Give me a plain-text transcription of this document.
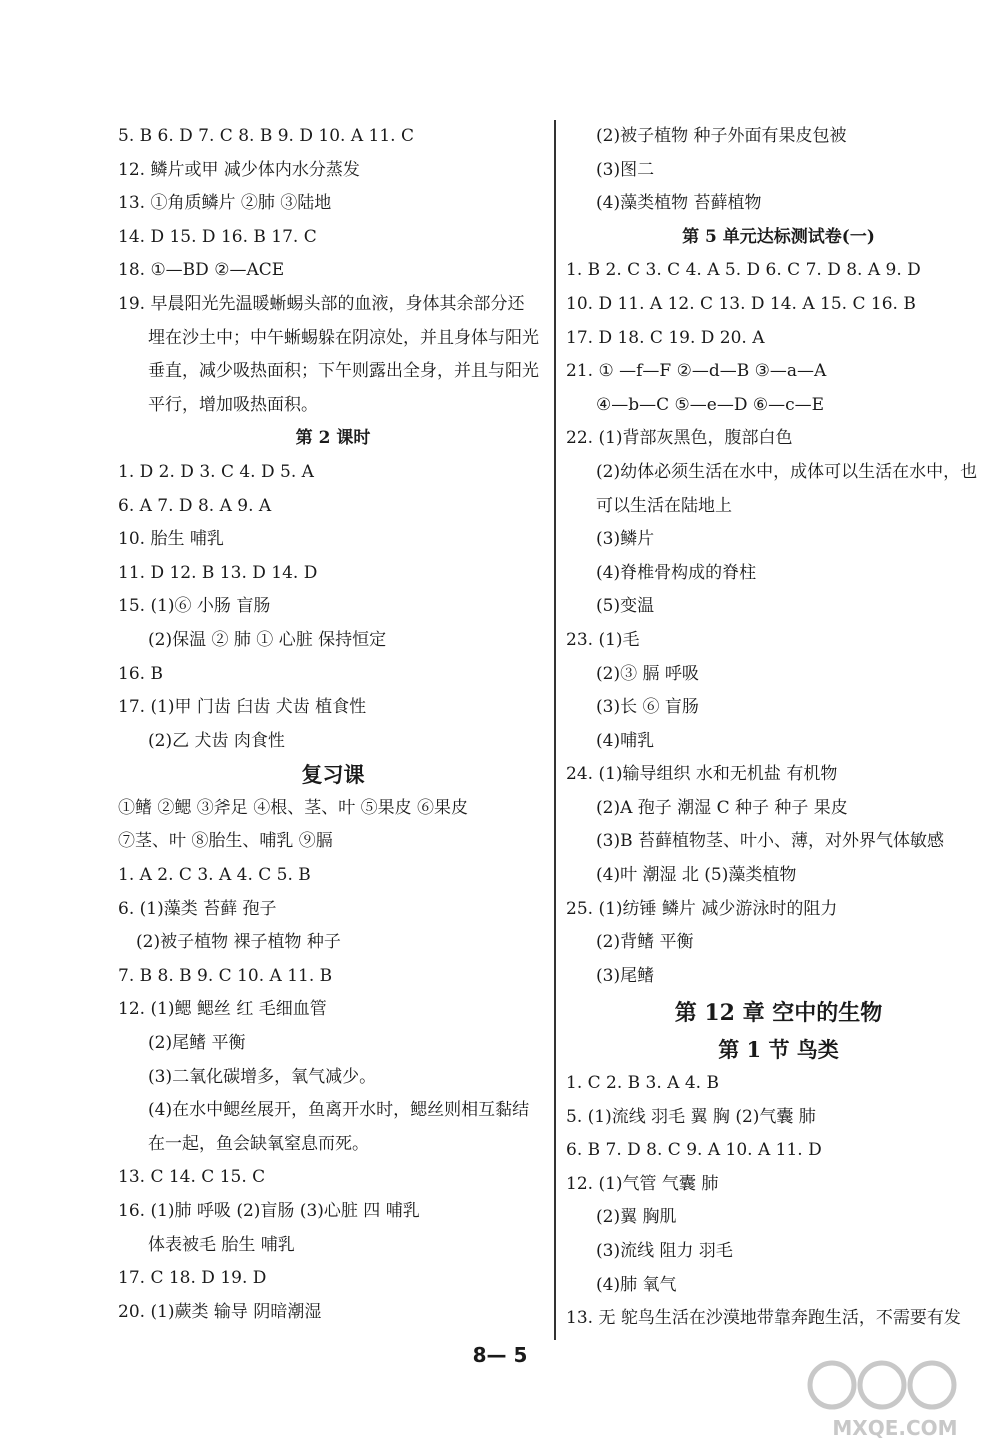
5. B 6. D 7. C 8. B 9. D 10. A 11. C
12. 鳞片或甲 减少体内水分蒸发
13. ①角质鳞片 ②肺 ③陆地
14. D 15. D 16. B 17. C
18. ①—BD ②—ACE
19. 早晨阳光先温暖蜥蜴头部的血液，身体其余部分还
埋在沙土中；中午蜥蜴躲在阴凉处，并且身体与阳光
垂直，减少吸热面积；下午则露出全身，并且与阳光
平行，增加吸热面积。
第 2 课时
1. D 2. D 3. C 4. D 5. A
6. A 7. D 8. A 9. A
10. 胎生 哺乳
11. D 12. B 13. D 14. D
15. (1)⑥ 小肠 盲肠
(2)保温 ② 肺 ① 心脏 保持恒定
16. B
17. (1)甲 门齿 臼齿 犬齿 植食性
(2)乙 犬齿 肉食性
复习课
①鳍 ②鳃 ③斧足 ④根、茎、叶 ⑤果皮 ⑥果皮
⑦茎、叶 ⑧胎生、哺乳 ⑨膈
1. A 2. C 3. A 4. C 5. B
6. (1)藻类 苔藓 孢子
(2)被子植物 裸子植物 种子
7. B 8. B 9. C 10. A 11. B
12. (1)鳃 鳃丝 红 毛细血管
(2)尾鳍 平衡
(3)二氧化碳增多，氧气减少。
(4)在水中鳃丝展开，鱼离开水时，鳃丝则相互黏结
在一起，鱼会缺氧窒息而死。
13. C 14. C 15. C
16. (1)肺 呼吸 (2)盲肠 (3)心脏 四 哺乳
体表被毛 胎生 哺乳
17. C 18. D 19. D
20. (1)蕨类 输导 阴暗潮湿
(2)被子植物 种子外面有果皮包被
(3)图二
(4)藻类植物 苔藓植物
第 5 单元达标测试卷(一)
1. B 2. C 3. C 4. A 5. D 6. C 7. D 8. A 9. D
10. D 11. A 12. C 13. D 14. A 15. C 16. B
17. D 18. C 19. D 20. A
21. ① —f—F ②—d—B ③—a—A
④—b—C ⑤—e—D ⑥—c—E
22. (1)背部灰黑色，腹部白色
(2)幼体必须生活在水中，成体可以生活在水中，也
可以生活在陆地上
(3)鳞片
(4)脊椎骨构成的脊柱
(5)变温
23. (1)毛
(2)③ 膈 呼吸
(3)长 ⑥ 盲肠
(4)哺乳
24. (1)输导组织 水和无机盐 有机物
(2)A 孢子 潮湿 C 种子 种子 果皮
(3)B 苔藓植物茎、叶小、薄，对外界气体敏感
(4)叶 潮湿 北 (5)藻类植物
25. (1)纺锤 鳞片 减少游泳时的阻力
(2)背鳍 平衡
(3)尾鳍
第 12 章 空中的生物
第 1 节 鸟类
1. C 2. B 3. A 4. B
5. (1)流线 羽毛 翼 胸 (2)气囊 肺
6. B 7. D 8. C 9. A 10. A 11. D
12. (1)气管 气囊 肺
(2)翼 胸肌
(3)流线 阻力 羽毛
(4)肺 氧气
13. 无 鸵鸟生活在沙漠地带靠奔跑生活，不需要有发
8— 5
MXQE.COM
